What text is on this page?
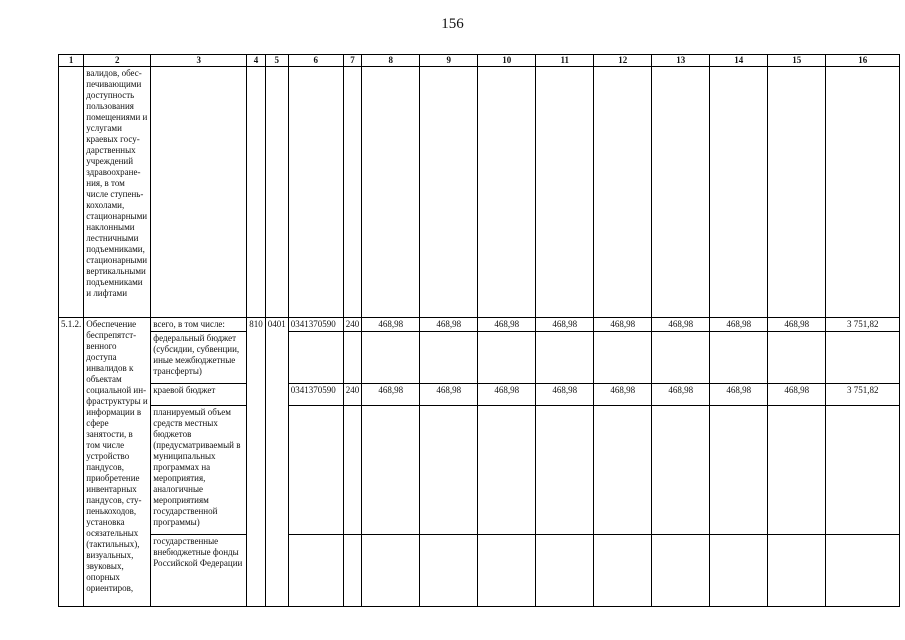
156
1	2	3	4	5	6	7	8	9	10	11	12	13	14	15	16
	валидов, обес-печивающими доступность пользования помещениями и услугами краевых госу-дарственных учреждений здравоохране-ния, в том числе ступень-кохолами, стационарными наклонными лестничными подъемниками, стационарными вертикальными подъемниками и лифтами														
5.1.2.	Обеспечение беспрепятст-венного доступа инвалидов к объектам социальной ин-фраструктуры и информации в сфере занятости, в том числе устройство пандусов, приобретение инвентарных пандусов, сту-пенькоходов, установка осязательных (тактильных), визуальных, звуковых, опорных ориентиров,	всего, в том числе:	810	0401	0341370590	240	468,98	468,98	468,98	468,98	468,98	468,98	468,98	468,98	3 751,82
		федеральный бюджет (субсидии, субвенции, иные межбюджетные трансферты)													
		краевой бюджет			0341370590	240	468,98	468,98	468,98	468,98	468,98	468,98	468,98	468,98	3 751,82
		планируемый объем средств местных бюджетов (предусматриваемый в муниципальных программах на мероприятия, аналогичные мероприятиям государственной программы)													
		государственные внебюджетные фонды Российской Федерации													
